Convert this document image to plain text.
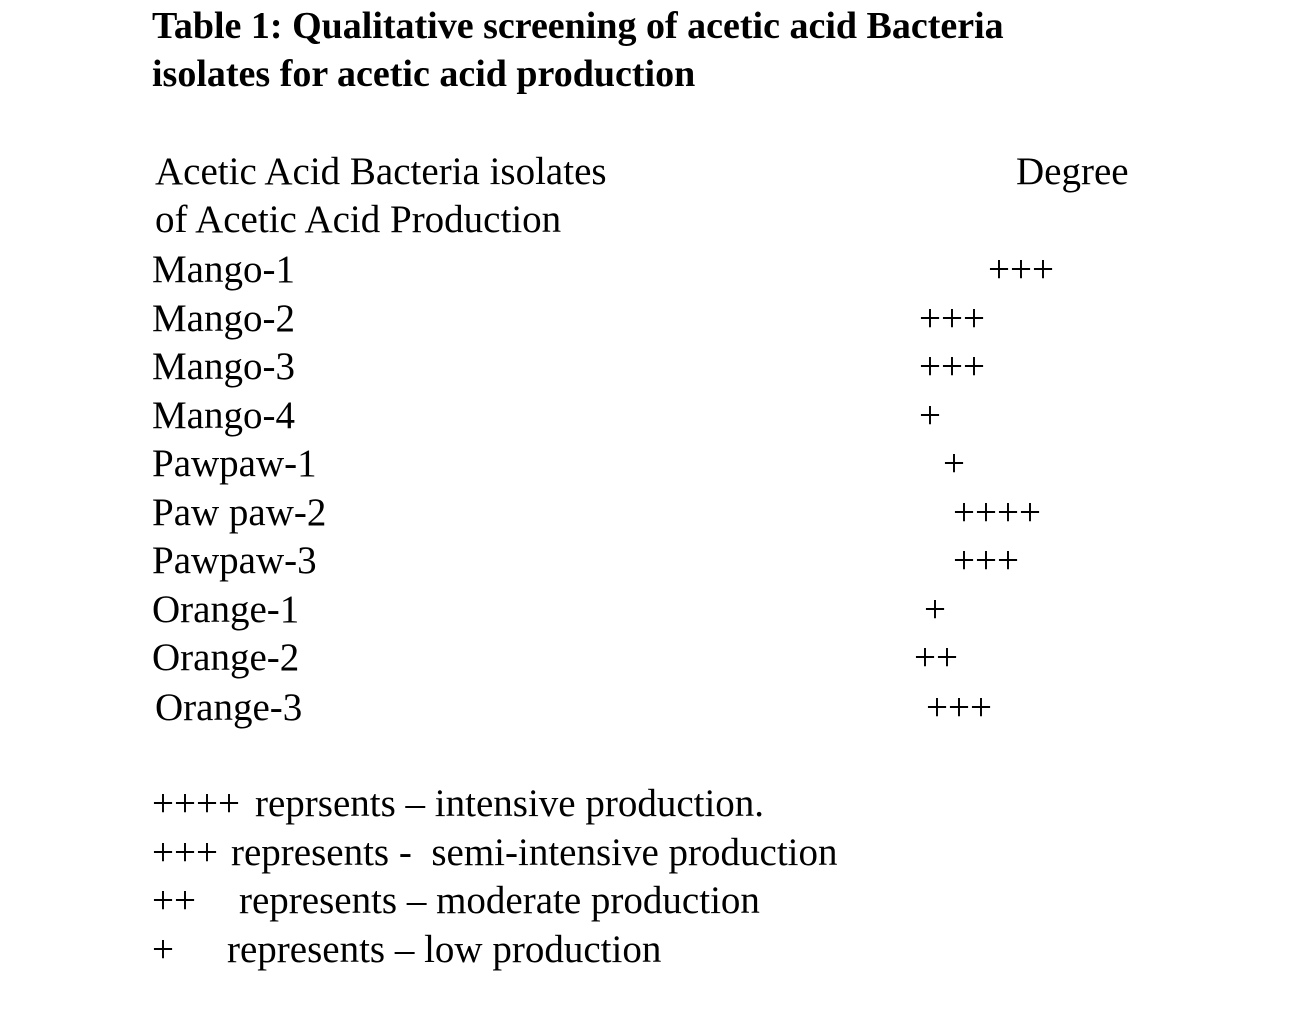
Table 1: Qualitative screening of acetic acid Bacteria
isolates for acetic acid production
Acetic Acid Bacteria isolates	Degree
of Acetic Acid Production
Mango-1	+++
Mango-2	+++
Mango-3	+++
Mango-4	+
Pawpaw-1	+
Paw paw-2	++++
Pawpaw-3	+++
Orange-1	+
Orange-2	++
Orange-3	+++
++++ reprsents – intensive production.
+++ represents -  semi-intensive production
++ represents – moderate production
+ represents – low production
